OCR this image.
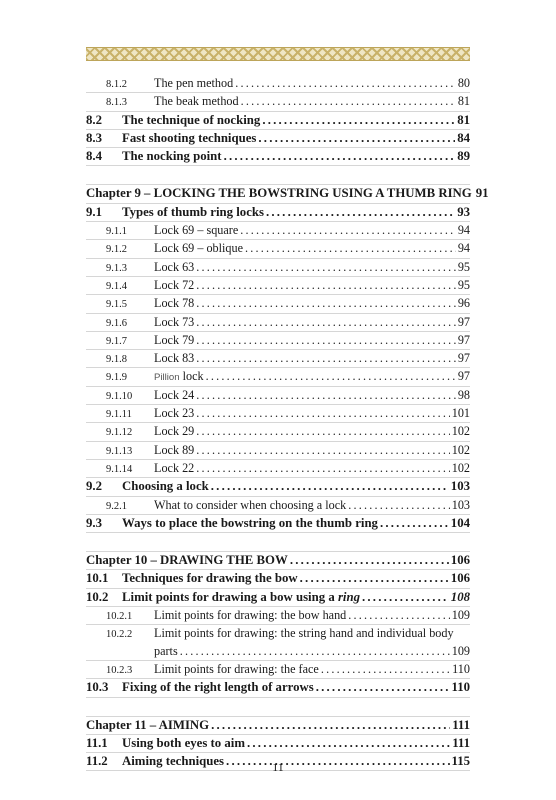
8.1.2	The pen method .....	80
8.1.3	The beak method .....	81
8.2	The technique of nocking .....	81
8.3	Fast shooting techniques .....	84
8.4	The nocking point .....	89
Chapter 9 – LOCKING THE BOWSTRING USING A THUMB RING 91
9.1	Types of thumb ring locks .....	93
9.1.1	Lock 69 – square .....	94
9.1.2	Lock 69 – oblique .....	94
9.1.3	Lock 63 .....	95
9.1.4	Lock 72 .....	95
9.1.5	Lock 78 .....	96
9.1.6	Lock 73 .....	97
9.1.7	Lock 79 .....	97
9.1.8	Lock 83 .....	97
9.1.9	Pillion lock .....	97
9.1.10	Lock 24 .....	98
9.1.11	Lock 23 .....	101
9.1.12	Lock 29 .....	102
9.1.13	Lock 89 .....	102
9.1.14	Lock 22 .....	102
9.2	Choosing a lock .....	103
9.2.1	What to consider when choosing a lock .....	103
9.3	Ways to place the bowstring on the thumb ring .....	104
Chapter 10 – DRAWING THE BOW .....	106
10.1	Techniques for drawing the bow .....	106
10.2	Limit points for drawing a bow using a ring .....	108
10.2.1	Limit points for drawing: the bow hand .....	109
10.2.2	Limit points for drawing: the string hand and individual body
parts .....	109
10.2.3	Limit points for drawing: the face .....	110
10.3	Fixing of the right length of arrows .....	110
Chapter 11 – AIMING .....	111
11.1	Using both eyes to aim .....	111
11.2	Aiming techniques .....	115
11
